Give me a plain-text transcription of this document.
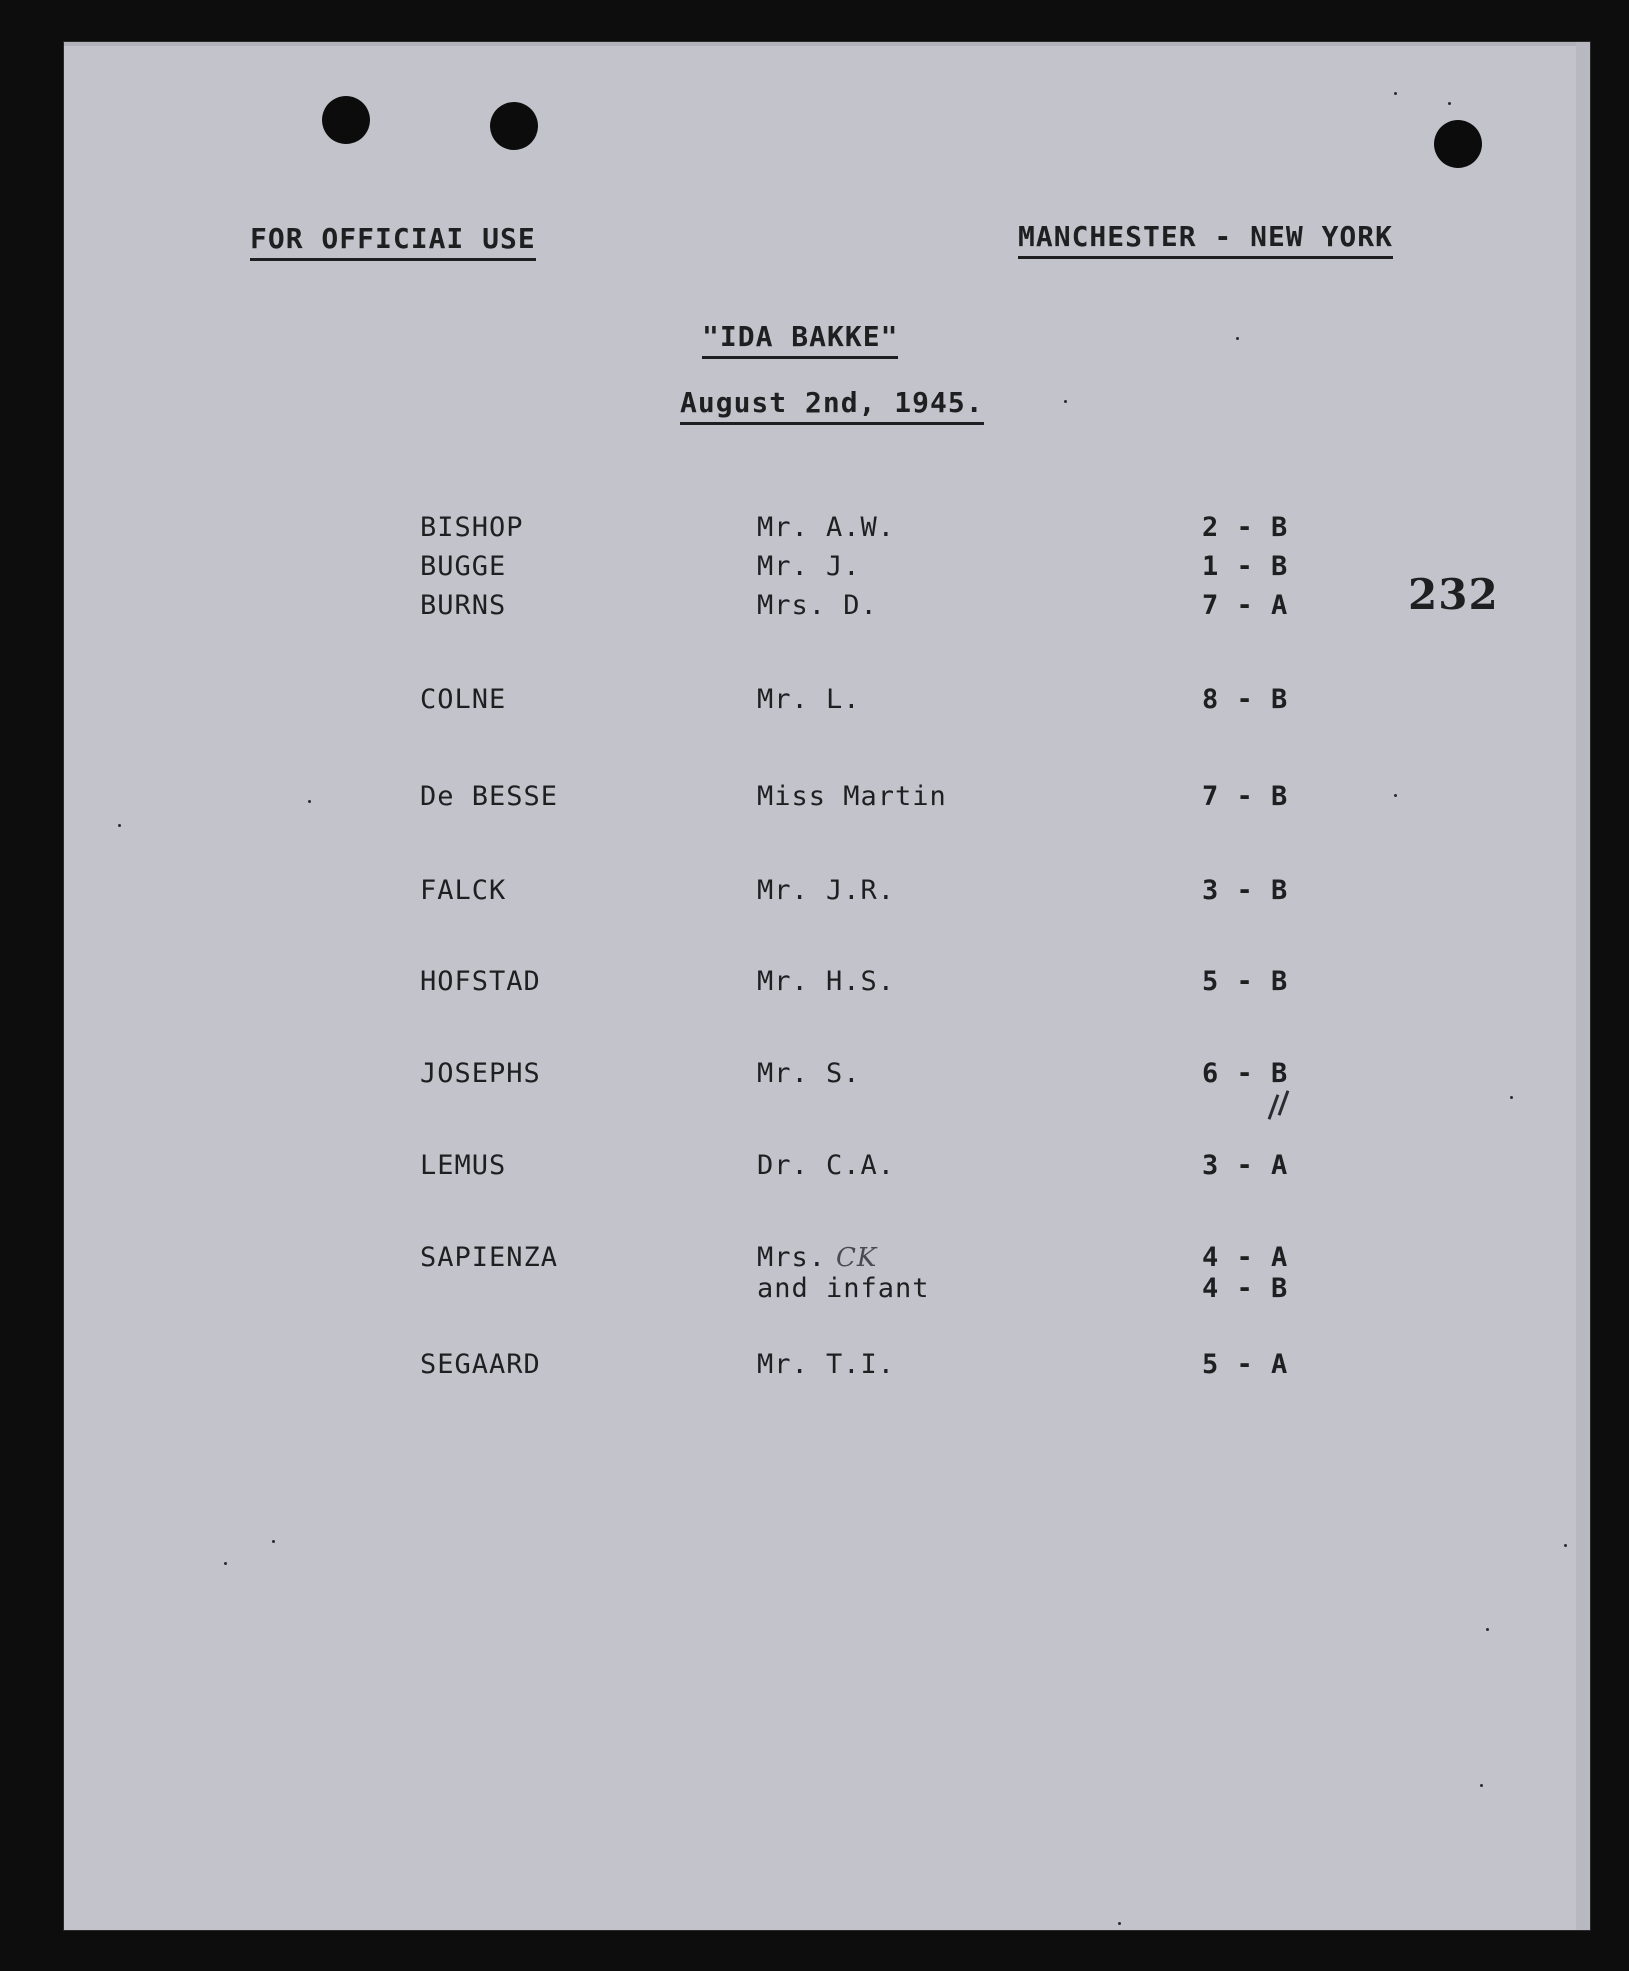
FOR OFFICIAI USE	MANCHESTER - NEW YORK
"IDA BAKKE"
August 2nd, 1945.
232
BISHOP	Mr. A.W.	2 - B
BUGGE	Mr. J.	1 - B
BURNS	Mrs. D.	7 - A
COLNE	Mr. L.	8 - B
De BESSE	Miss Martin	7 - B
FALCK	Mr. J.R.	3 - B
HOFSTAD	Mr. H.S.	5 - B
JOSEPHS	Mr. S.	6 - B
LEMUS	Dr. C.A.	3 - A
SAPIENZA	Mrs. CK	4 - A
and infant	4 - B
SEGAARD	Mr. T.I.	5 - A
